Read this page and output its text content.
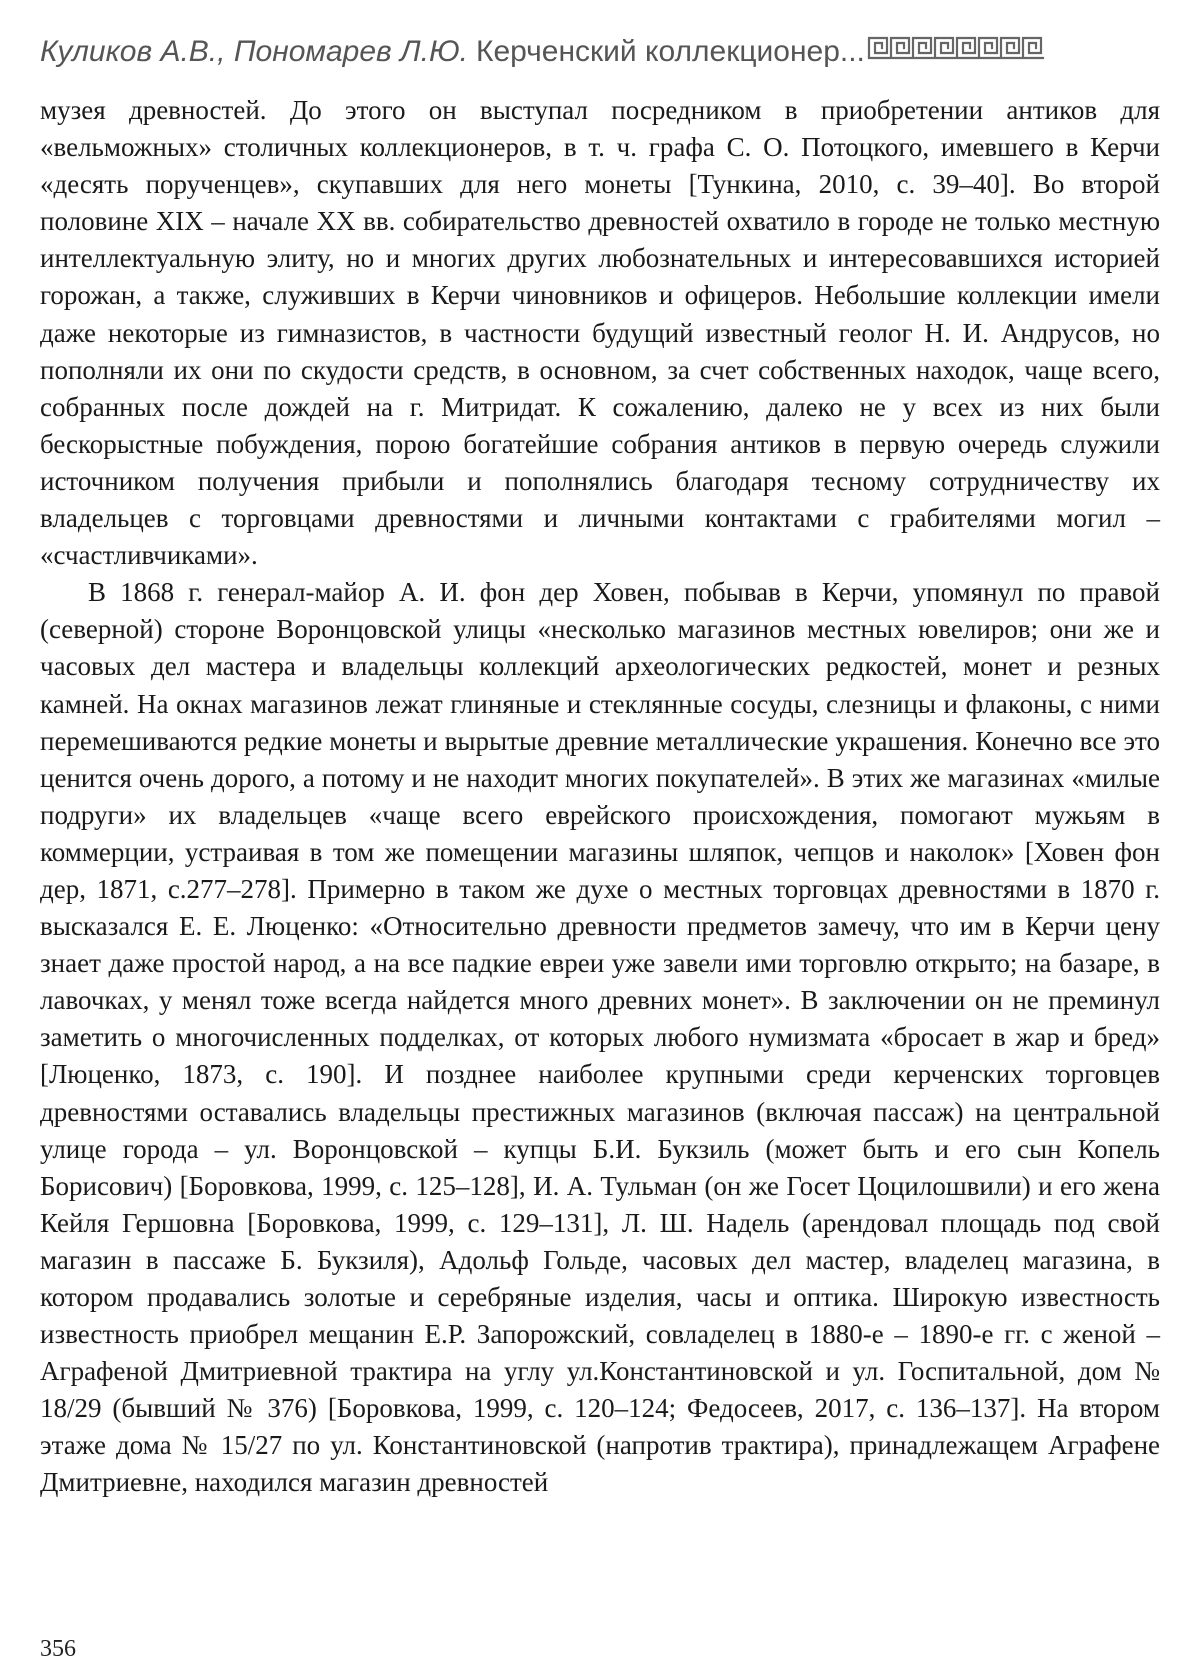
Куликов А.В., Пономарев Л.Ю. Керченский коллекционер...

музея древностей. До этого он выступал посредником в приобретении антиков для «вельможных» столичных коллекционеров, в т. ч. графа С. О. Потоцкого, имевшего в Керчи «десять порученцев», скупавших для него монеты [Тункина, 2010, с. 39–40]. Во второй половине XIX – начале XX вв. собирательство древностей охватило в городе не только местную интеллектуальную элиту, но и многих других любознательных и интересовавшихся историей горожан, а также, служивших в Керчи чиновников и офицеров. Небольшие коллекции имели даже некоторые из гимназистов, в частности будущий известный геолог Н. И. Андрусов, но пополняли их они по скудости средств, в основном, за счет собственных находок, чаще всего, собранных после дождей на г. Митридат. К сожалению, далеко не у всех из них были бескорыстные побуждения, порою богатейшие собрания антиков в первую очередь служили источником получения прибыли и пополнялись благодаря тесному сотрудничеству их владельцев с торговцами древностями и личными контактами с грабителями могил – «счастливчиками».

В 1868 г. генерал-майор А. И. фон дер Ховен, побывав в Керчи, упомянул по правой (северной) стороне Воронцовской улицы «несколько магазинов местных ювелиров; они же и часовых дел мастера и владельцы коллекций археологических редкостей, монет и резных камней. На окнах магазинов лежат глиняные и стеклянные сосуды, слезницы и флаконы, с ними перемешиваются редкие монеты и вырытые древние металлические украшения. Конечно все это ценится очень дорого, а потому и не находит многих покупателей». В этих же магазинах «милые подруги» их владельцев «чаще всего еврейского происхождения, помогают мужьям в коммерции, устраивая в том же помещении магазины шляпок, чепцов и наколок» [Ховен фон дер, 1871, с.277–278]. Примерно в таком же духе о местных торговцах древностями в 1870 г. высказался Е. Е. Люценко: «Относительно древности предметов замечу, что им в Керчи цену знает даже простой народ, а на все падкие евреи уже завели ими торговлю открыто; на базаре, в лавочках, у менял тоже всегда найдется много древних монет». В заключении он не преминул заметить о многочисленных подделках, от которых любого нумизмата «бросает в жар и бред» [Люценко, 1873, с. 190]. И позднее наиболее крупными среди керченских торговцев древностями оставались владельцы престижных магазинов (включая пассаж) на центральной улице города – ул. Воронцовской – купцы Б.И. Букзиль (может быть и его сын Копель Борисович) [Боровкова, 1999, с. 125–128], И. А. Тульман (он же Госет Цоцилошвили) и его жена Кейля Гершовна [Боровкова, 1999, с. 129–131], Л. Ш. Надель (арендовал площадь под свой магазин в пассаже Б. Букзиля), Адольф Гольде, часовых дел мастер, владелец магазина, в котором продавались золотые и серебряные изделия, часы и оптика. Широкую известность известность приобрел мещанин Е.Р. Запорожский, совладелец в 1880-е – 1890-е гг. с женой – Аграфеной Дмитриевной трактира на углу ул.Константиновской и ул. Госпитальной, дом № 18/29 (бывший № 376) [Боровкова, 1999, с. 120–124; Федосеев, 2017, с. 136–137]. На втором этаже дома № 15/27 по ул. Константиновской (напротив трактира), принадлежащем Аграфене Дмитриевне, находился магазин древностей

356
